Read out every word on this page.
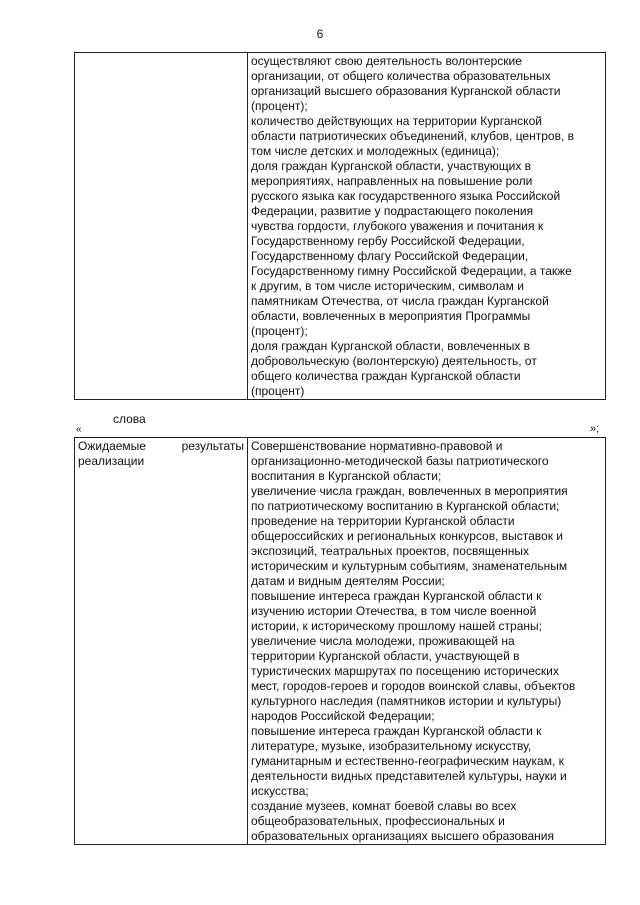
6

осуществляют свою деятельность волонтерские
организации, от общего количества образовательных
организаций высшего образования Курганской области
(процент);
количество действующих на территории Курганской
области патриотических объединений, клубов, центров, в
том числе детских и молодежных (единица);
доля граждан Курганской области, участвующих в
мероприятиях, направленных на повышение роли
русского языка как государственного языка Российской
Федерации, развитие у подрастающего поколения
чувства гордости, глубокого уважения и почитания к
Государственному гербу Российской Федерации,
Государственному флагу Российской Федерации,
Государственному гимну Российской Федерации, а также
к другим, в том числе историческим, символам и
памятникам Отечества, от числа граждан Курганской
области, вовлеченных в мероприятия Программы
(процент);
доля граждан Курганской области, вовлеченных в
добровольческую (волонтерскую) деятельность, от
общего количества граждан Курганской области
(процент)
»;
слова
«
Ожидаемые	результаты
реализации

Совершенствование нормативно-правовой и
организационно-методической базы патриотического
воспитания в Курганской области;
увеличение числа граждан, вовлеченных в мероприятия
по патриотическому воспитанию в Курганской области;
проведение на территории Курганской области
общероссийских и региональных конкурсов, выставок и
экспозиций, театральных проектов, посвященных
историческим и культурным событиям, знаменательным
датам и видным деятелям России;
повышение интереса граждан Курганской области к
изучению истории Отечества, в том числе военной
истории, к историческому прошлому нашей страны;
увеличение числа молодежи, проживающей на
территории Курганской области, участвующей в
туристических маршрутах по посещению исторических
мест, городов-героев и городов воинской славы, объектов
культурного наследия (памятников истории и культуры)
народов Российской Федерации;
повышение интереса граждан Курганской области к
литературе, музыке, изобразительному искусству,
гуманитарным и естественно-географическим наукам, к
деятельности видных представителей культуры, науки и
искусства;
создание музеев, комнат боевой славы во всех
общеобразовательных, профессиональных и
образовательных организациях высшего образования
